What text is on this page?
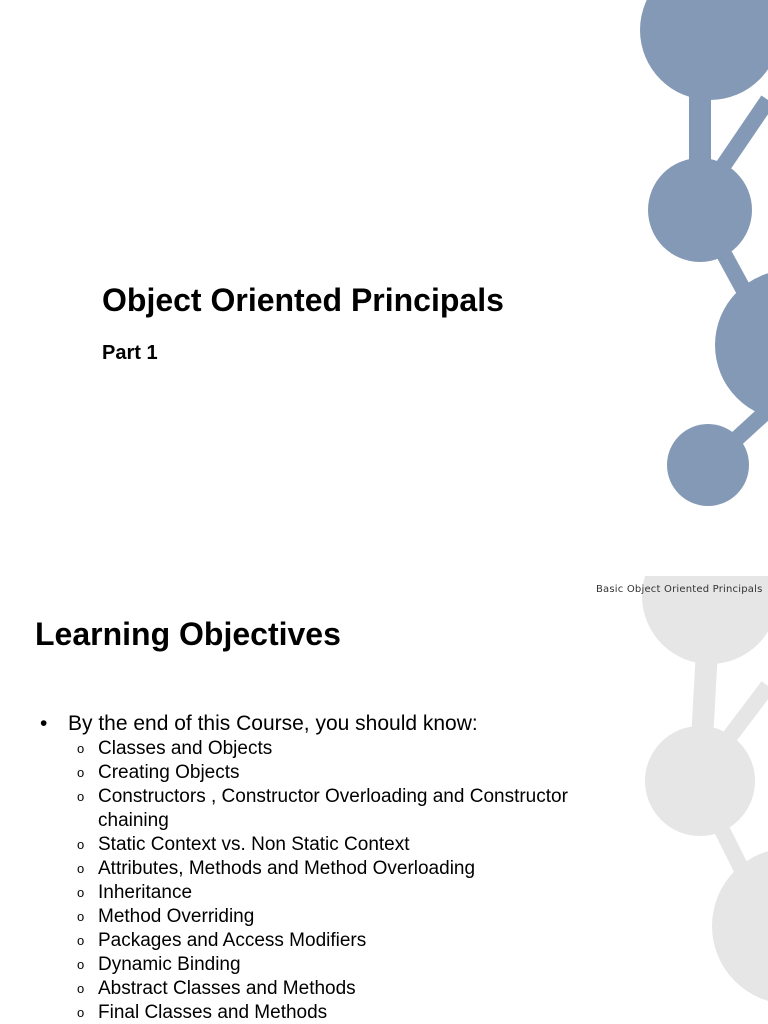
Object Oriented Principals
Part 1
Basic Object Oriented Principals
Learning Objectives
• By the end of this Course, you should know:
o Classes and Objects
o Creating Objects
o Constructors , Constructor Overloading and Constructor chaining
o Static Context vs. Non Static Context
o Attributes, Methods and Method Overloading
o Inheritance
o Method Overriding
o Packages and Access Modifiers
o Dynamic Binding
o Abstract Classes and Methods
o Final Classes and Methods
